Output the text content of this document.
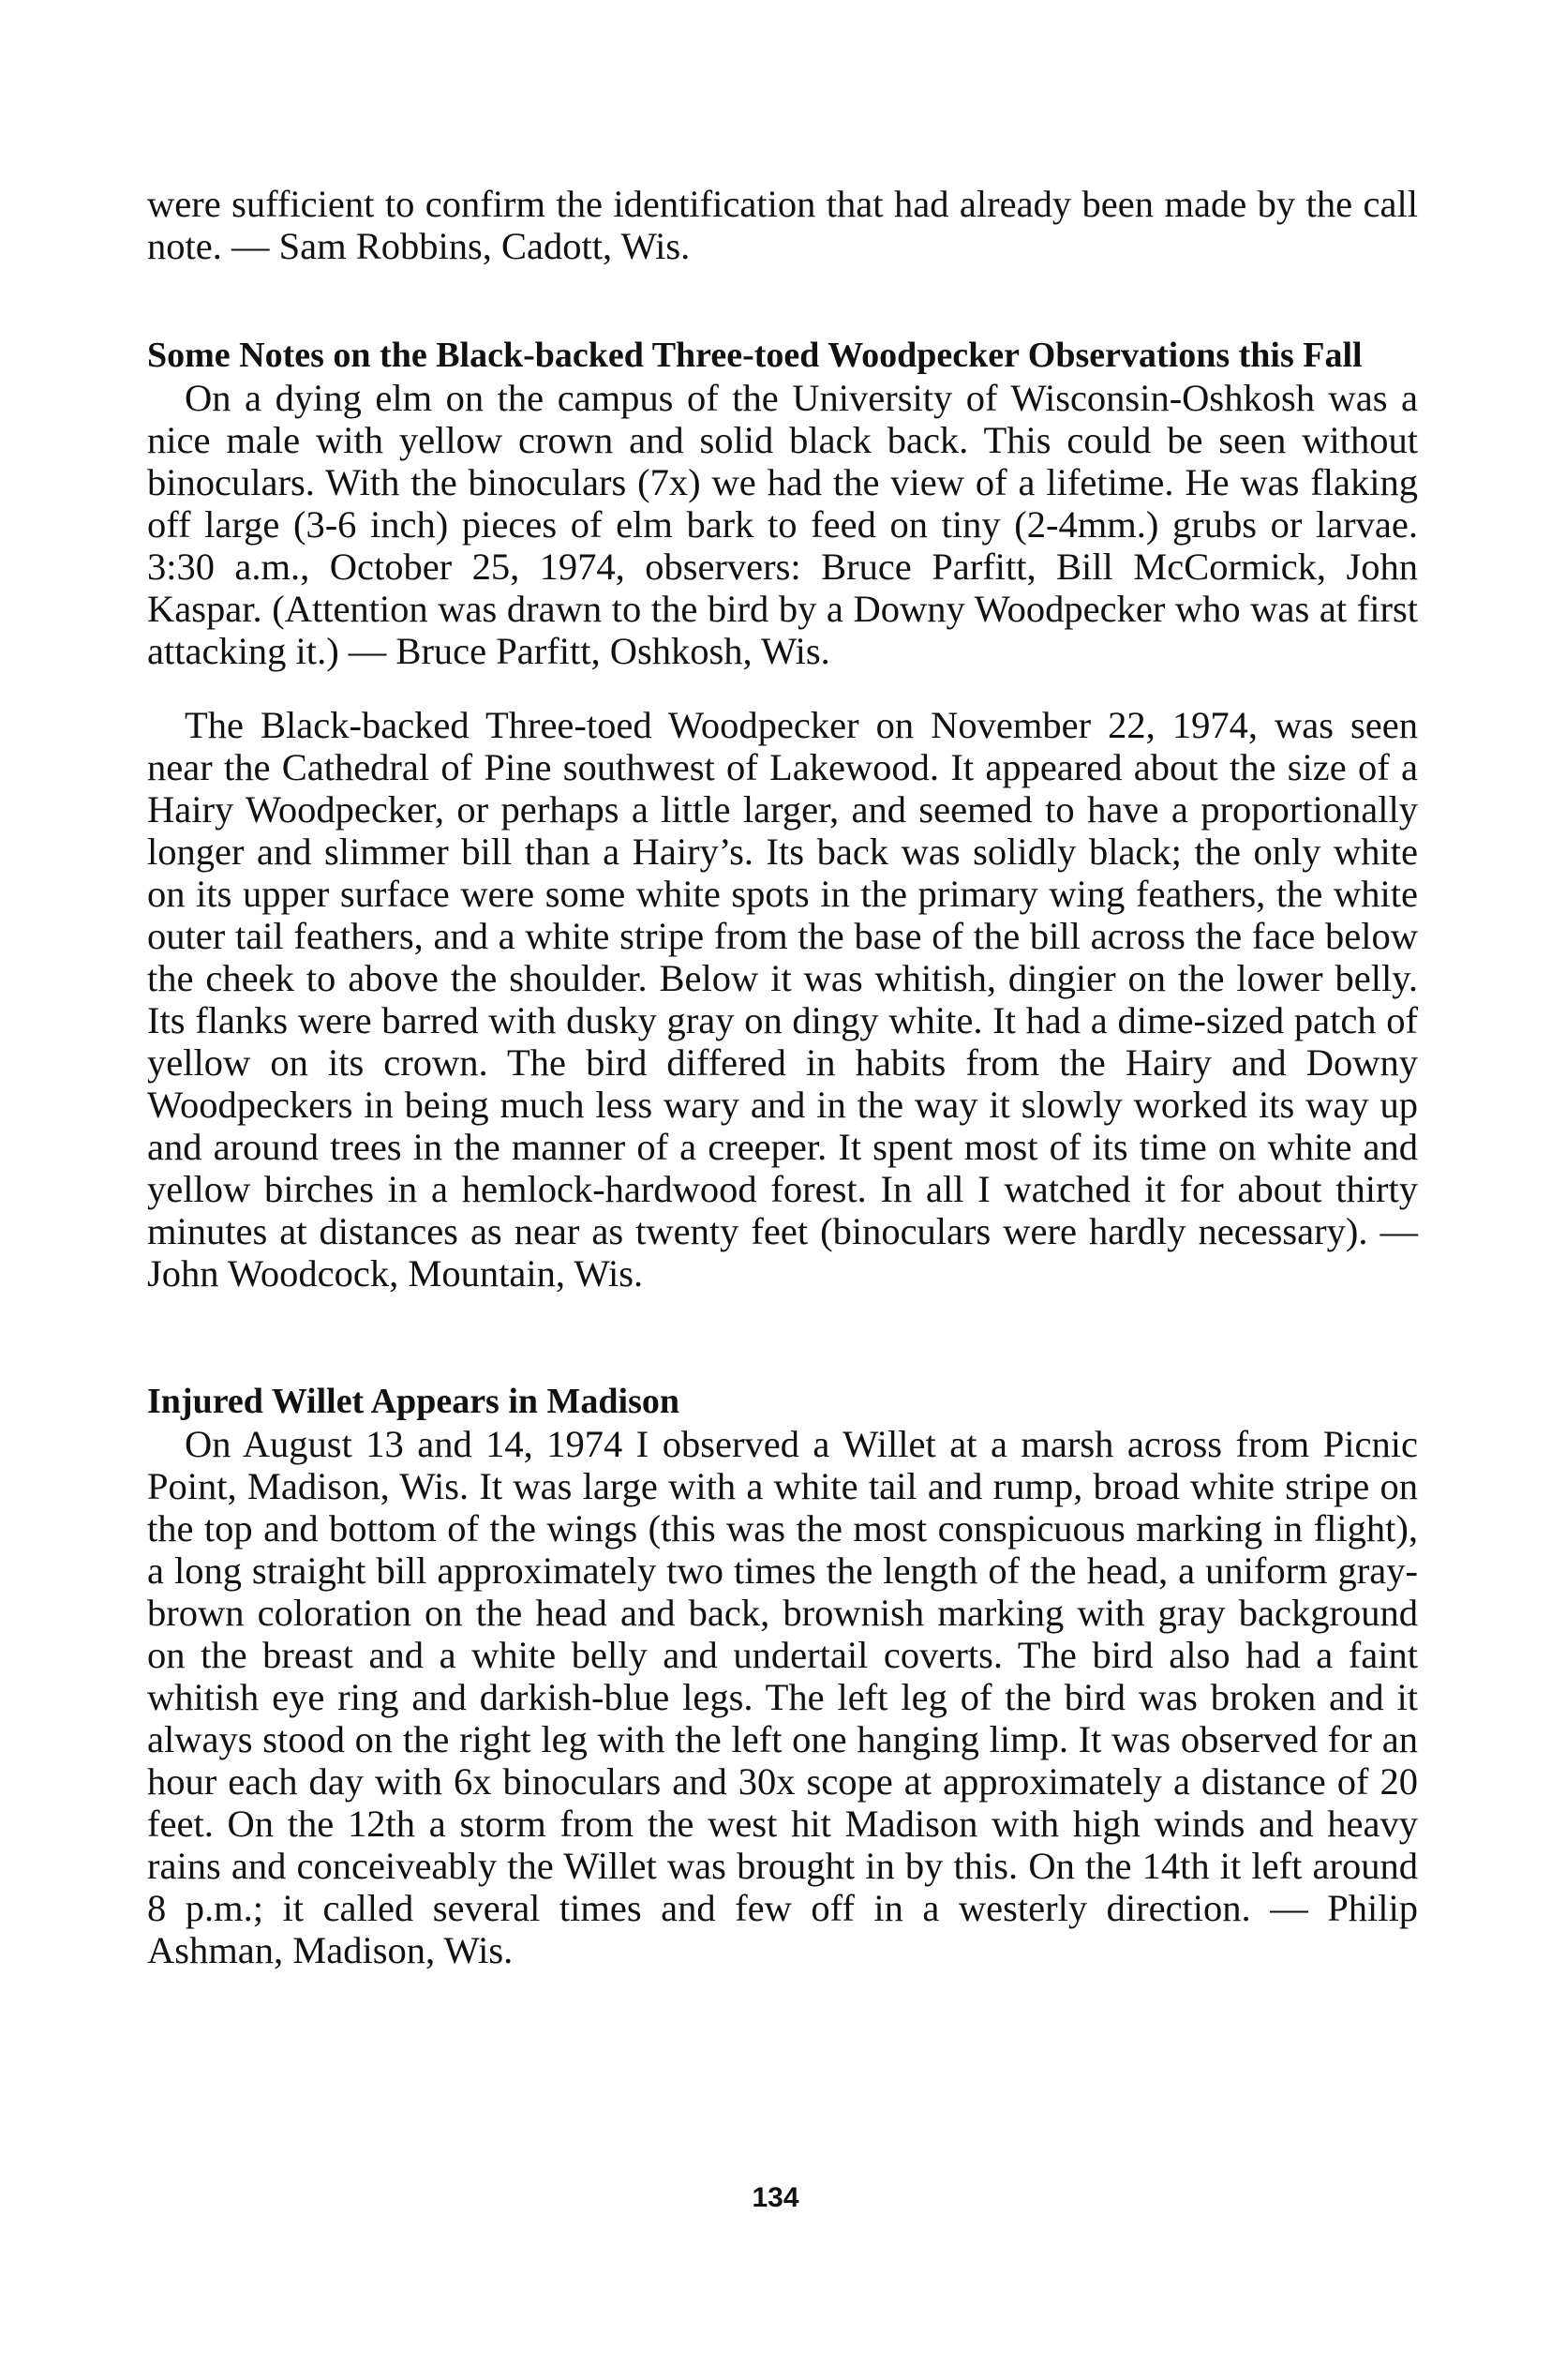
were sufficient to confirm the identification that had already been made by the call note. — Sam Robbins, Cadott, Wis.

Some Notes on the Black-backed Three-toed Woodpecker Observations this Fall

On a dying elm on the campus of the University of Wisconsin-Oshkosh was a nice male with yellow crown and solid black back. This could be seen without binoculars. With the binoculars (7x) we had the view of a lifetime. He was flaking off large (3-6 inch) pieces of elm bark to feed on tiny (2-4mm.) grubs or larvae. 3:30 a.m., October 25, 1974, observers: Bruce Parfitt, Bill McCormick, John Kaspar. (Attention was drawn to the bird by a Downy Woodpecker who was at first attacking it.) — Bruce Parfitt, Oshkosh, Wis.

The Black-backed Three-toed Woodpecker on November 22, 1974, was seen near the Cathedral of Pine southwest of Lakewood. It appeared about the size of a Hairy Woodpecker, or perhaps a little larger, and seemed to have a proportionally longer and slimmer bill than a Hairy’s. Its back was solidly black; the only white on its upper surface were some white spots in the primary wing feathers, the white outer tail feathers, and a white stripe from the base of the bill across the face below the cheek to above the shoulder. Below it was whitish, dingier on the lower belly. Its flanks were barred with dusky gray on dingy white. It had a dime-sized patch of yellow on its crown. The bird differed in habits from the Hairy and Downy Woodpeckers in being much less wary and in the way it slowly worked its way up and around trees in the manner of a creeper. It spent most of its time on white and yellow birches in a hemlock-hardwood forest. In all I watched it for about thirty minutes at distances as near as twenty feet (binoculars were hardly necessary). — John Woodcock, Mountain, Wis.

Injured Willet Appears in Madison

On August 13 and 14, 1974 I observed a Willet at a marsh across from Picnic Point, Madison, Wis. It was large with a white tail and rump, broad white stripe on the top and bottom of the wings (this was the most conspicuous marking in flight), a long straight bill approximately two times the length of the head, a uniform gray-brown coloration on the head and back, brownish marking with gray background on the breast and a white belly and undertail coverts. The bird also had a faint whitish eye ring and darkish-blue legs. The left leg of the bird was broken and it always stood on the right leg with the left one hanging limp. It was observed for an hour each day with 6x binoculars and 30x scope at approximately a distance of 20 feet. On the 12th a storm from the west hit Madison with high winds and heavy rains and conceiveably the Willet was brought in by this. On the 14th it left around 8 p.m.; it called several times and few off in a westerly direction. — Philip Ashman, Madison, Wis.

134
